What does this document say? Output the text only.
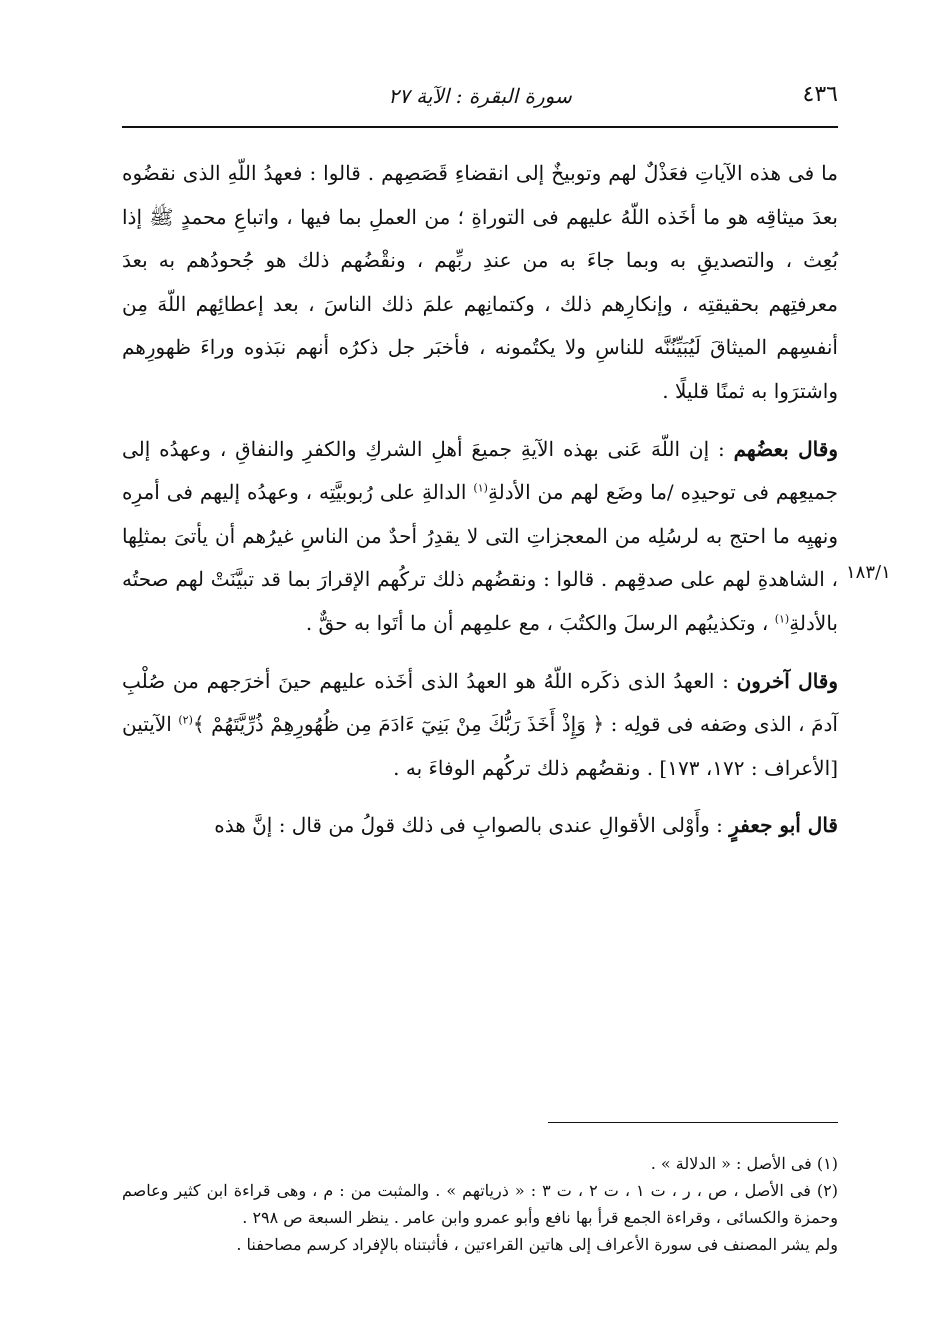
٤٣٦
سورة البقرة : الآية ٢٧
١٨٣/١

ما فى هذه الآياتِ فعَذْلٌ لهم وتوبيخٌ إلى انقضاءِ قَصَصِهم . قالوا : فعهدُ اللّهِ الذى نقضُوه بعدَ ميثاقِه هو ما أخَذه اللّهُ عليهم فى التوراةِ ؛ من العملِ بما فيها ، واتباعِ محمدٍ ﷺ إذا بُعِث ، والتصديقِ به وبما جاءَ به من عندِ ربِّهم ، ونقْضُهم ذلك هو جُحودُهم به بعدَ معرفتِهم بحقيقتِه ، وإنكارِهم ذلك ، وكتمانِهم علمَ ذلك الناسَ ، بعد إعطائِهم اللّهَ مِن أنفسِهم الميثاقَ لَيُبَيِّنُنَّه للناسِ ولا يكتُمونه ، فأخبَر جل ذكرُه أنهم نبَذوه وراءَ ظهورِهم واشترَوا به ثمنًا قليلًا .

وقال بعضُهم : إن اللّهَ عَنى بهذه الآيةِ جميعَ أهلِ الشركِ والكفرِ والنفاقِ ، وعهدُه إلى جميعِهم فى توحيدِه /ما وضَع لهم من الأدلةِ$^{(١)}$ الدالةِ على رُبوبيَّتِه ، وعهدُه إليهم فى أمرِه ونهيِه ما احتج به لرسُلِه من المعجزاتِ التى لا يقدِرُ أحدٌ من الناسِ غيرُهم أن يأتىَ بمثلِها ، الشاهدةِ لهم على صدقِهم . قالوا : ونقضُهم ذلك تركُهم الإقرارَ بما قد تبيَّنَتْ لهم صحتُه بالأدلةِ$^{(١)}$ ، وتكذيبُهم الرسلَ والكتُبَ ، مع علمِهم أن ما أتَوا به حقٌّ .

وقال آخرون : العهدُ الذى ذكَره اللّهُ هو العهدُ الذى أخَذه عليهم حينَ أخرَجهم من صُلْبِ آدمَ ، الذى وصَفه فى قولِه : ﴿ وَإِذْ أَخَذَ رَبُّكَ مِنْ بَنِيٓ ءَادَمَ مِن ظُهُورِهِمْ ذُرِّيَّتَهُمْ ﴾$^{(٢)}$ الآيتين [الأعراف : ١٧٢، ١٧٣] . ونقضُهم ذلك تركُهم الوفاءَ به .

قال أبو جعفرٍ : وأَوْلى الأقوالِ عندى بالصوابِ فى ذلك قولُ من قال : إنَّ هذه

(١) فى الأصل : « الدلالة » .

(٢) فى الأصل ، ص ، ر ، ت ١ ، ت ٢ ، ت ٣ : « ذرياتهم » . والمثبت من : م ، وهى قراءة ابن كثير وعاصم وحمزة والكسائى ، وقراءة الجمع قرأ بها نافع وأبو عمرو وابن عامر . ينظر السبعة ص ٢٩٨ .

ولم يشر المصنف فى سورة الأعراف إلى هاتين القراءتين ، فأثبتناه بالإفراد كرسم مصاحفنا .
